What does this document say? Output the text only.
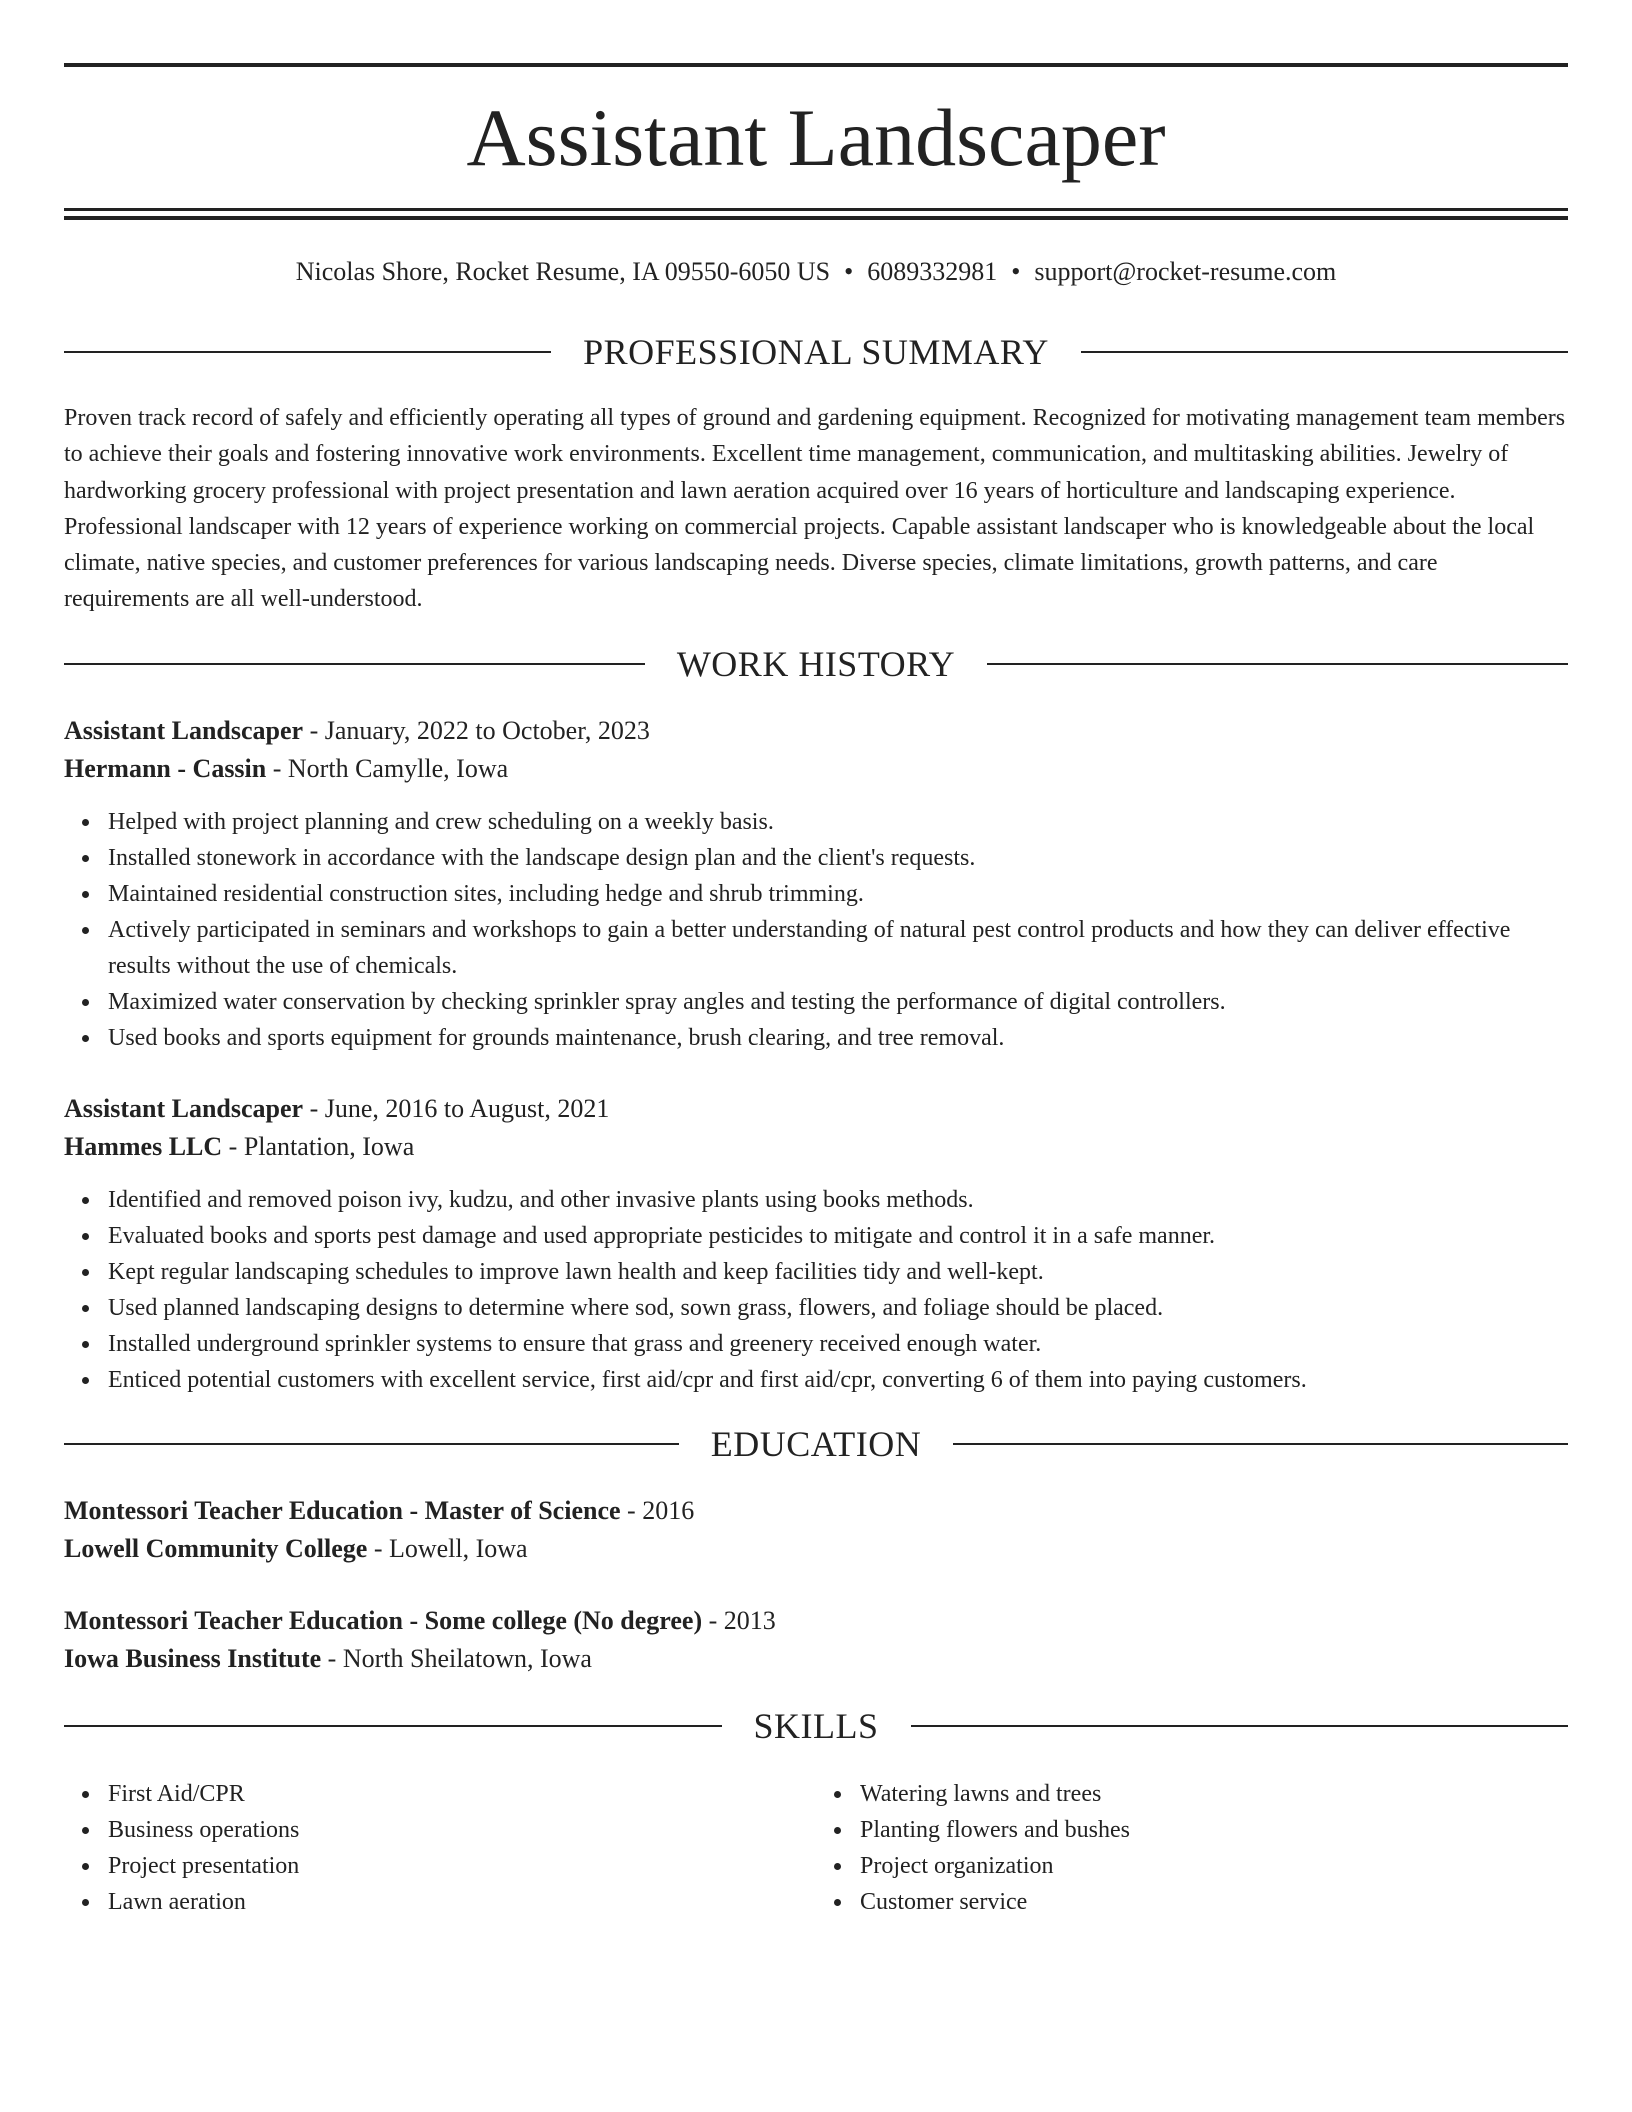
Assistant Landscaper
Nicolas Shore, Rocket Resume, IA 09550-6050 US • 6089332981 • support@rocket-resume.com
PROFESSIONAL SUMMARY

Proven track record of safely and efficiently operating all types of ground and gardening equipment. Recognized for motivating management team members to achieve their goals and fostering innovative work environments. Excellent time management, communication, and multitasking abilities. Jewelry of hardworking grocery professional with project presentation and lawn aeration acquired over 16 years of horticulture and landscaping experience. Professional landscaper with 12 years of experience working on commercial projects. Capable assistant landscaper who is knowledgeable about the local climate, native species, and customer preferences for various landscaping needs. Diverse species, climate limitations, growth patterns, and care requirements are all well-understood.

WORK HISTORY

Assistant Landscaper - January, 2022 to October, 2023

Hermann - Cassin - North Camylle, Iowa

Helped with project planning and crew scheduling on a weekly basis.
Installed stonework in accordance with the landscape design plan and the client's requests.
Maintained residential construction sites, including hedge and shrub trimming.
Actively participated in seminars and workshops to gain a better understanding of natural pest control products and how they can deliver effective results without the use of chemicals.
Maximized water conservation by checking sprinkler spray angles and testing the performance of digital controllers.
Used books and sports equipment for grounds maintenance, brush clearing, and tree removal.

Assistant Landscaper - June, 2016 to August, 2021

Hammes LLC - Plantation, Iowa

Identified and removed poison ivy, kudzu, and other invasive plants using books methods.
Evaluated books and sports pest damage and used appropriate pesticides to mitigate and control it in a safe manner.
Kept regular landscaping schedules to improve lawn health and keep facilities tidy and well-kept.
Used planned landscaping designs to determine where sod, sown grass, flowers, and foliage should be placed.
Installed underground sprinkler systems to ensure that grass and greenery received enough water.
Enticed potential customers with excellent service, first aid/cpr and first aid/cpr, converting 6 of them into paying customers.
EDUCATION

Montessori Teacher Education - Master of Science - 2016

Lowell Community College - Lowell, Iowa

Montessori Teacher Education - Some college (No degree) - 2013

Iowa Business Institute - North Sheilatown, Iowa

SKILLS
First Aid/CPR
Business operations
Project presentation
Lawn aeration
Watering lawns and trees
Planting flowers and bushes
Project organization
Customer service
